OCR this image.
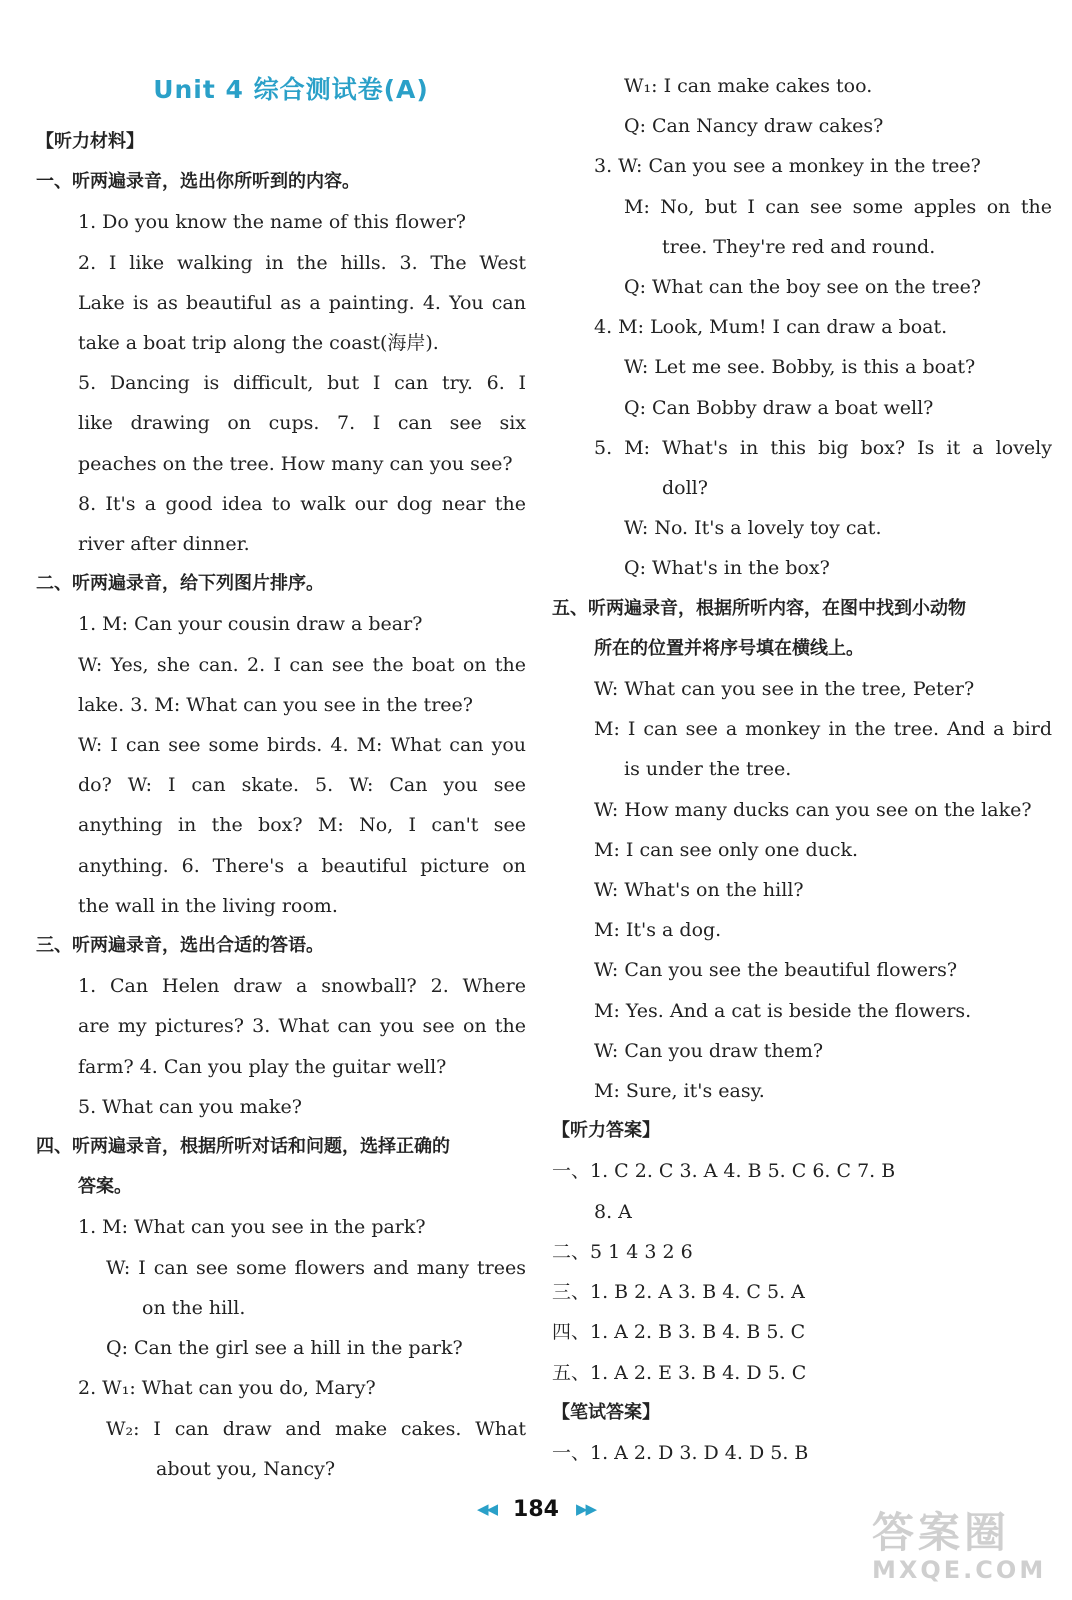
Unit 4 综合测试卷(A)
【听力材料】
一、听两遍录音，选出你所听到的内容。
1. Do you know the name of this flower?
2. I like walking in the hills. 3. The West
Lake is as beautiful as a painting. 4. You can
take a boat trip along the coast(海岸).
5. Dancing is difficult, but I can try. 6. I
like drawing on cups. 7. I can see six
peaches on the tree. How many can you see?
8. It's a good idea to walk our dog near the
river after dinner.
二、听两遍录音，给下列图片排序。
1. M: Can your cousin draw a bear?
W: Yes, she can. 2. I can see the boat on the
lake. 3. M: What can you see in the tree?
W: I can see some birds. 4. M: What can you
do? W: I can skate. 5. W: Can you see
anything in the box? M: No, I can't see
anything. 6. There's a beautiful picture on
the wall in the living room.
三、听两遍录音，选出合适的答语。
1. Can Helen draw a snowball? 2. Where
are my pictures? 3. What can you see on the
farm? 4. Can you play the guitar well?
5. What can you make?
四、听两遍录音，根据所听对话和问题，选择正确的
答案。
1. M: What can you see in the park?
W: I can see some flowers and many trees
on the hill.
Q: Can the girl see a hill in the park?
2. W₁: What can you do, Mary?
W₂: I can draw and make cakes. What
about you, Nancy?
W₁: I can make cakes too.
Q: Can Nancy draw cakes?
3. W: Can you see a monkey in the tree?
M: No, but I can see some apples on the
tree. They're red and round.
Q: What can the boy see on the tree?
4. M: Look, Mum! I can draw a boat.
W: Let me see. Bobby, is this a boat?
Q: Can Bobby draw a boat well?
5. M: What's in this big box? Is it a lovely
doll?
W: No. It's a lovely toy cat.
Q: What's in the box?
五、听两遍录音，根据所听内容，在图中找到小动物
所在的位置并将序号填在横线上。
W: What can you see in the tree, Peter?
M: I can see a monkey in the tree. And a bird
is under the tree.
W: How many ducks can you see on the lake?
M: I can see only one duck.
W: What's on the hill?
M: It's a dog.
W: Can you see the beautiful flowers?
M: Yes. And a cat is beside the flowers.
W: Can you draw them?
M: Sure, it's easy.
【听力答案】
一、1. C 2. C 3. A 4. B 5. C 6. C 7. B
8. A
二、5 1 4 3 2 6
三、1. B 2. A 3. B 4. C 5. A
四、1. A 2. B 3. B 4. B 5. C
五、1. A 2. E 3. B 4. D 5. C
【笔试答案】
一、1. A 2. D 3. D 4. D 5. B
◀◀ 184 ▶▶	答案圈
MXQE.COM
